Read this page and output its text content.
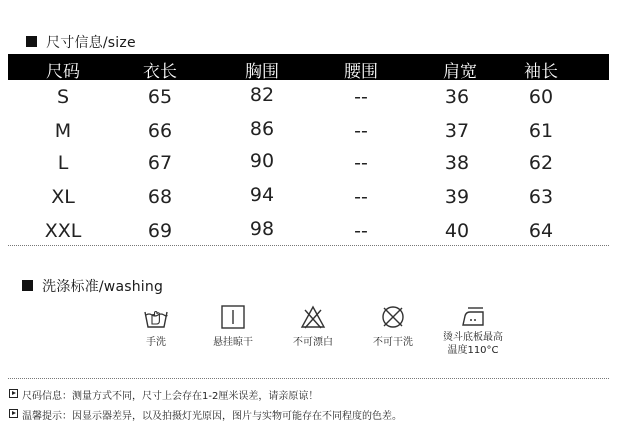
尺寸信息/size
尺码	衣长	胸围	腰围	肩宽	袖长
S	65	82	--	36	60
M	66	86	--	37	61
L	67	90	--	38	62
XL	68	94	--	39	63
XXL	69	98	--	40	64
洗涤标准/washing
手洗	悬挂晾干	不可漂白	不可干洗	烫斗底板最高
温度110°C
尺码信息：测量方式不同，尺寸上会存在1-2厘米误差，请亲原谅！
温馨提示：因显示器差异，以及拍摄灯光原因，图片与实物可能存在不同程度的色差。
